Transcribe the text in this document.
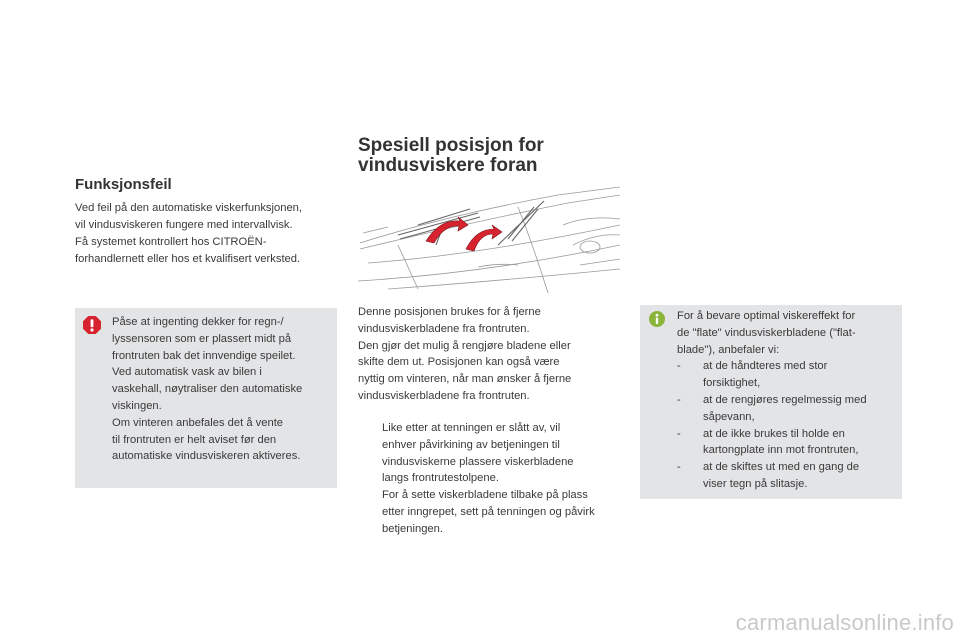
Funksjonsfeil

Ved feil på den automatiske viskerfunksjonen,
vil vindusviskeren fungere med intervallvisk.
Få systemet kontrollert hos CITROËN-
forhandlernett eller hos et kvalifisert verksted.

Påse at ingenting dekker for regn-/
lyssensoren som er plassert midt på
frontruten bak det innvendige speilet.
Ved automatisk vask av bilen i
vaskehall, nøytraliser den automatiske
viskingen.
Om vinteren anbefales det å vente
til frontruten er helt aviset før den
automatiske vindusviskeren aktiveres.
Spesiell posisjon for
vindusviskere foran
Denne posisjonen brukes for å fjerne
vindusviskerbladene fra frontruten.
Den gjør det mulig å rengjøre bladene eller
skifte dem ut. Posisjonen kan også være
nyttig om vinteren, når man ønsker å fjerne
vindusviskerbladene fra frontruten.
Like etter at tenningen er slått av, vil
enhver påvirkining av betjeningen til
vindusviskerne plassere viskerbladene
langs frontrutestolpene.
For å sette viskerbladene tilbake på plass
etter inngrepet, sett på tenningen og påvirk
betjeningen.
For å bevare optimal viskereffekt for
de "flate" vindusviskerbladene ("flat-
blade"), anbefaler vi:
- at de håndteres med stor
forsiktighet,
- at de rengjøres regelmessig med
såpevann,
- at de ikke brukes til holde en
kartongplate inn mot frontruten,
- at de skiftes ut med en gang de
viser tegn på slitasje.
carmanualsonline.info
